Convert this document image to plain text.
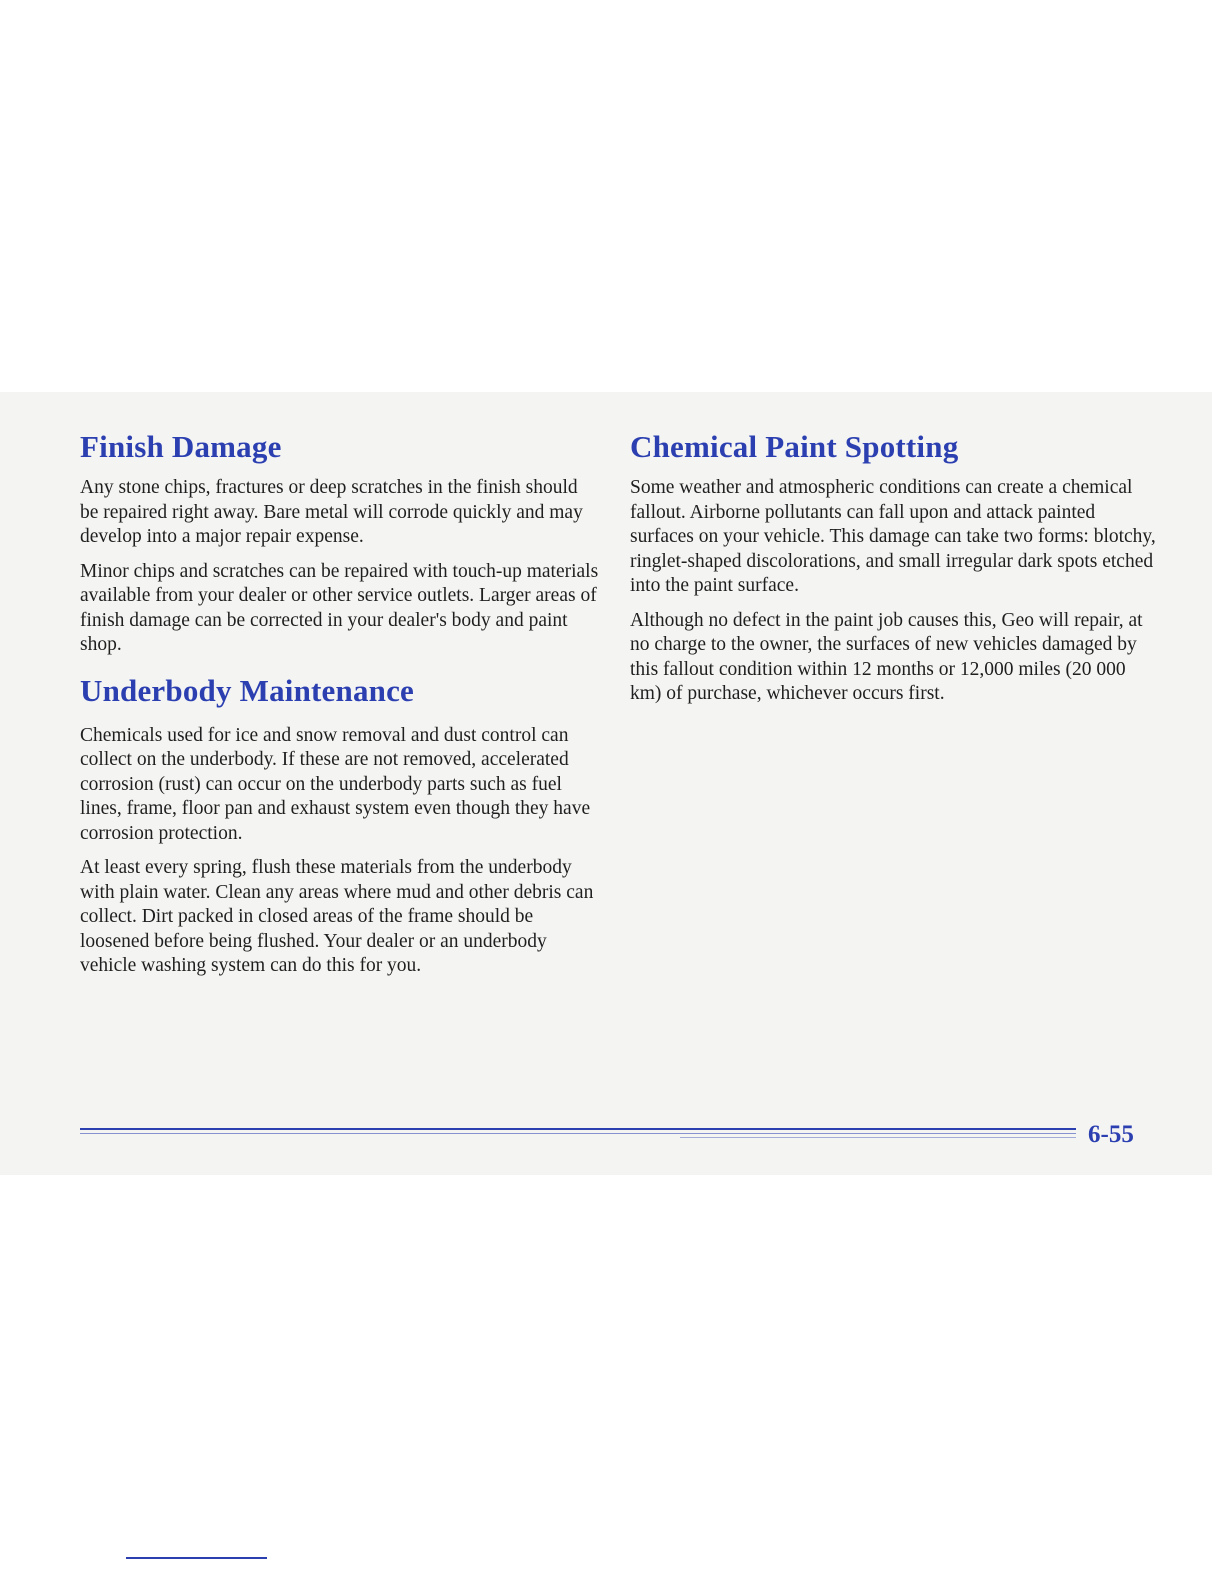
Finish Damage

Any stone chips, fractures or deep scratches in the finish should be repaired right away. Bare metal will corrode quickly and may develop into a major repair expense.

Minor chips and scratches can be repaired with touch-up materials available from your dealer or other service outlets. Larger areas of finish damage can be corrected in your dealer's body and paint shop.

Underbody Maintenance

Chemicals used for ice and snow removal and dust control can collect on the underbody. If these are not removed, accelerated corrosion (rust) can occur on the underbody parts such as fuel lines, frame, floor pan and exhaust system even though they have corrosion protection.

At least every spring, flush these materials from the underbody with plain water. Clean any areas where mud and other debris can collect. Dirt packed in closed areas of the frame should be loosened before being flushed. Your dealer or an underbody vehicle washing system can do this for you.

Chemical Paint Spotting

Some weather and atmospheric conditions can create a chemical fallout. Airborne pollutants can fall upon and attack painted surfaces on your vehicle. This damage can take two forms: blotchy, ringlet-shaped discolorations, and small irregular dark spots etched into the paint surface.

Although no defect in the paint job causes this, Geo will repair, at no charge to the owner, the surfaces of new vehicles damaged by this fallout condition within 12 months or 12,000 miles (20 000 km) of purchase, whichever occurs first.

6-55
